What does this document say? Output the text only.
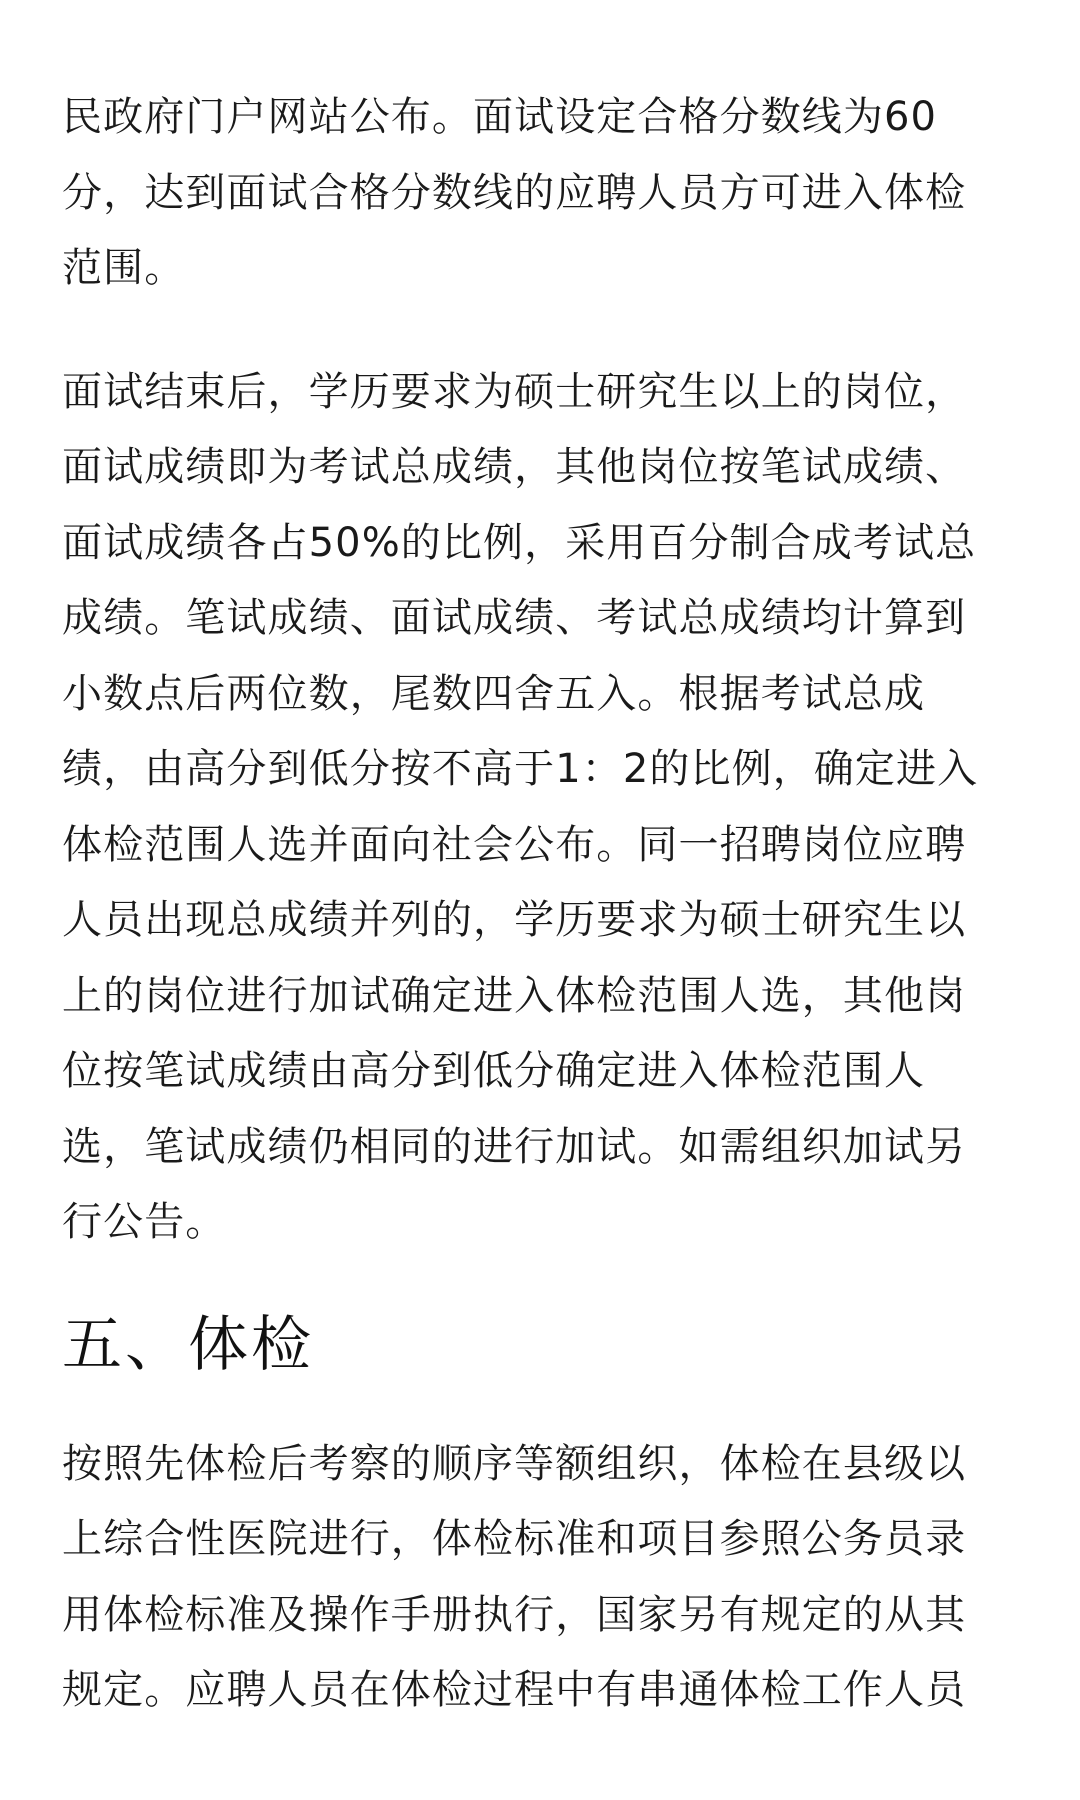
民政府门户网站公布。面试设定合格分数线为60
分，达到面试合格分数线的应聘人员方可进入体检
范围。

面试结束后，学历要求为硕士研究生以上的岗位，
面试成绩即为考试总成绩，其他岗位按笔试成绩、
面试成绩各占50%的比例，采用百分制合成考试总
成绩。笔试成绩、面试成绩、考试总成绩均计算到
小数点后两位数，尾数四舍五入。根据考试总成
绩，由高分到低分按不高于1：2的比例，确定进入
体检范围人选并面向社会公布。同一招聘岗位应聘
人员出现总成绩并列的，学历要求为硕士研究生以
上的岗位进行加试确定进入体检范围人选，其他岗
位按笔试成绩由高分到低分确定进入体检范围人
选，笔试成绩仍相同的进行加试。如需组织加试另
行公告。

五、体检

按照先体检后考察的顺序等额组织，体检在县级以
上综合性医院进行，体检标准和项目参照公务员录
用体检标准及操作手册执行，国家另有规定的从其
规定。应聘人员在体检过程中有串通体检工作人员
